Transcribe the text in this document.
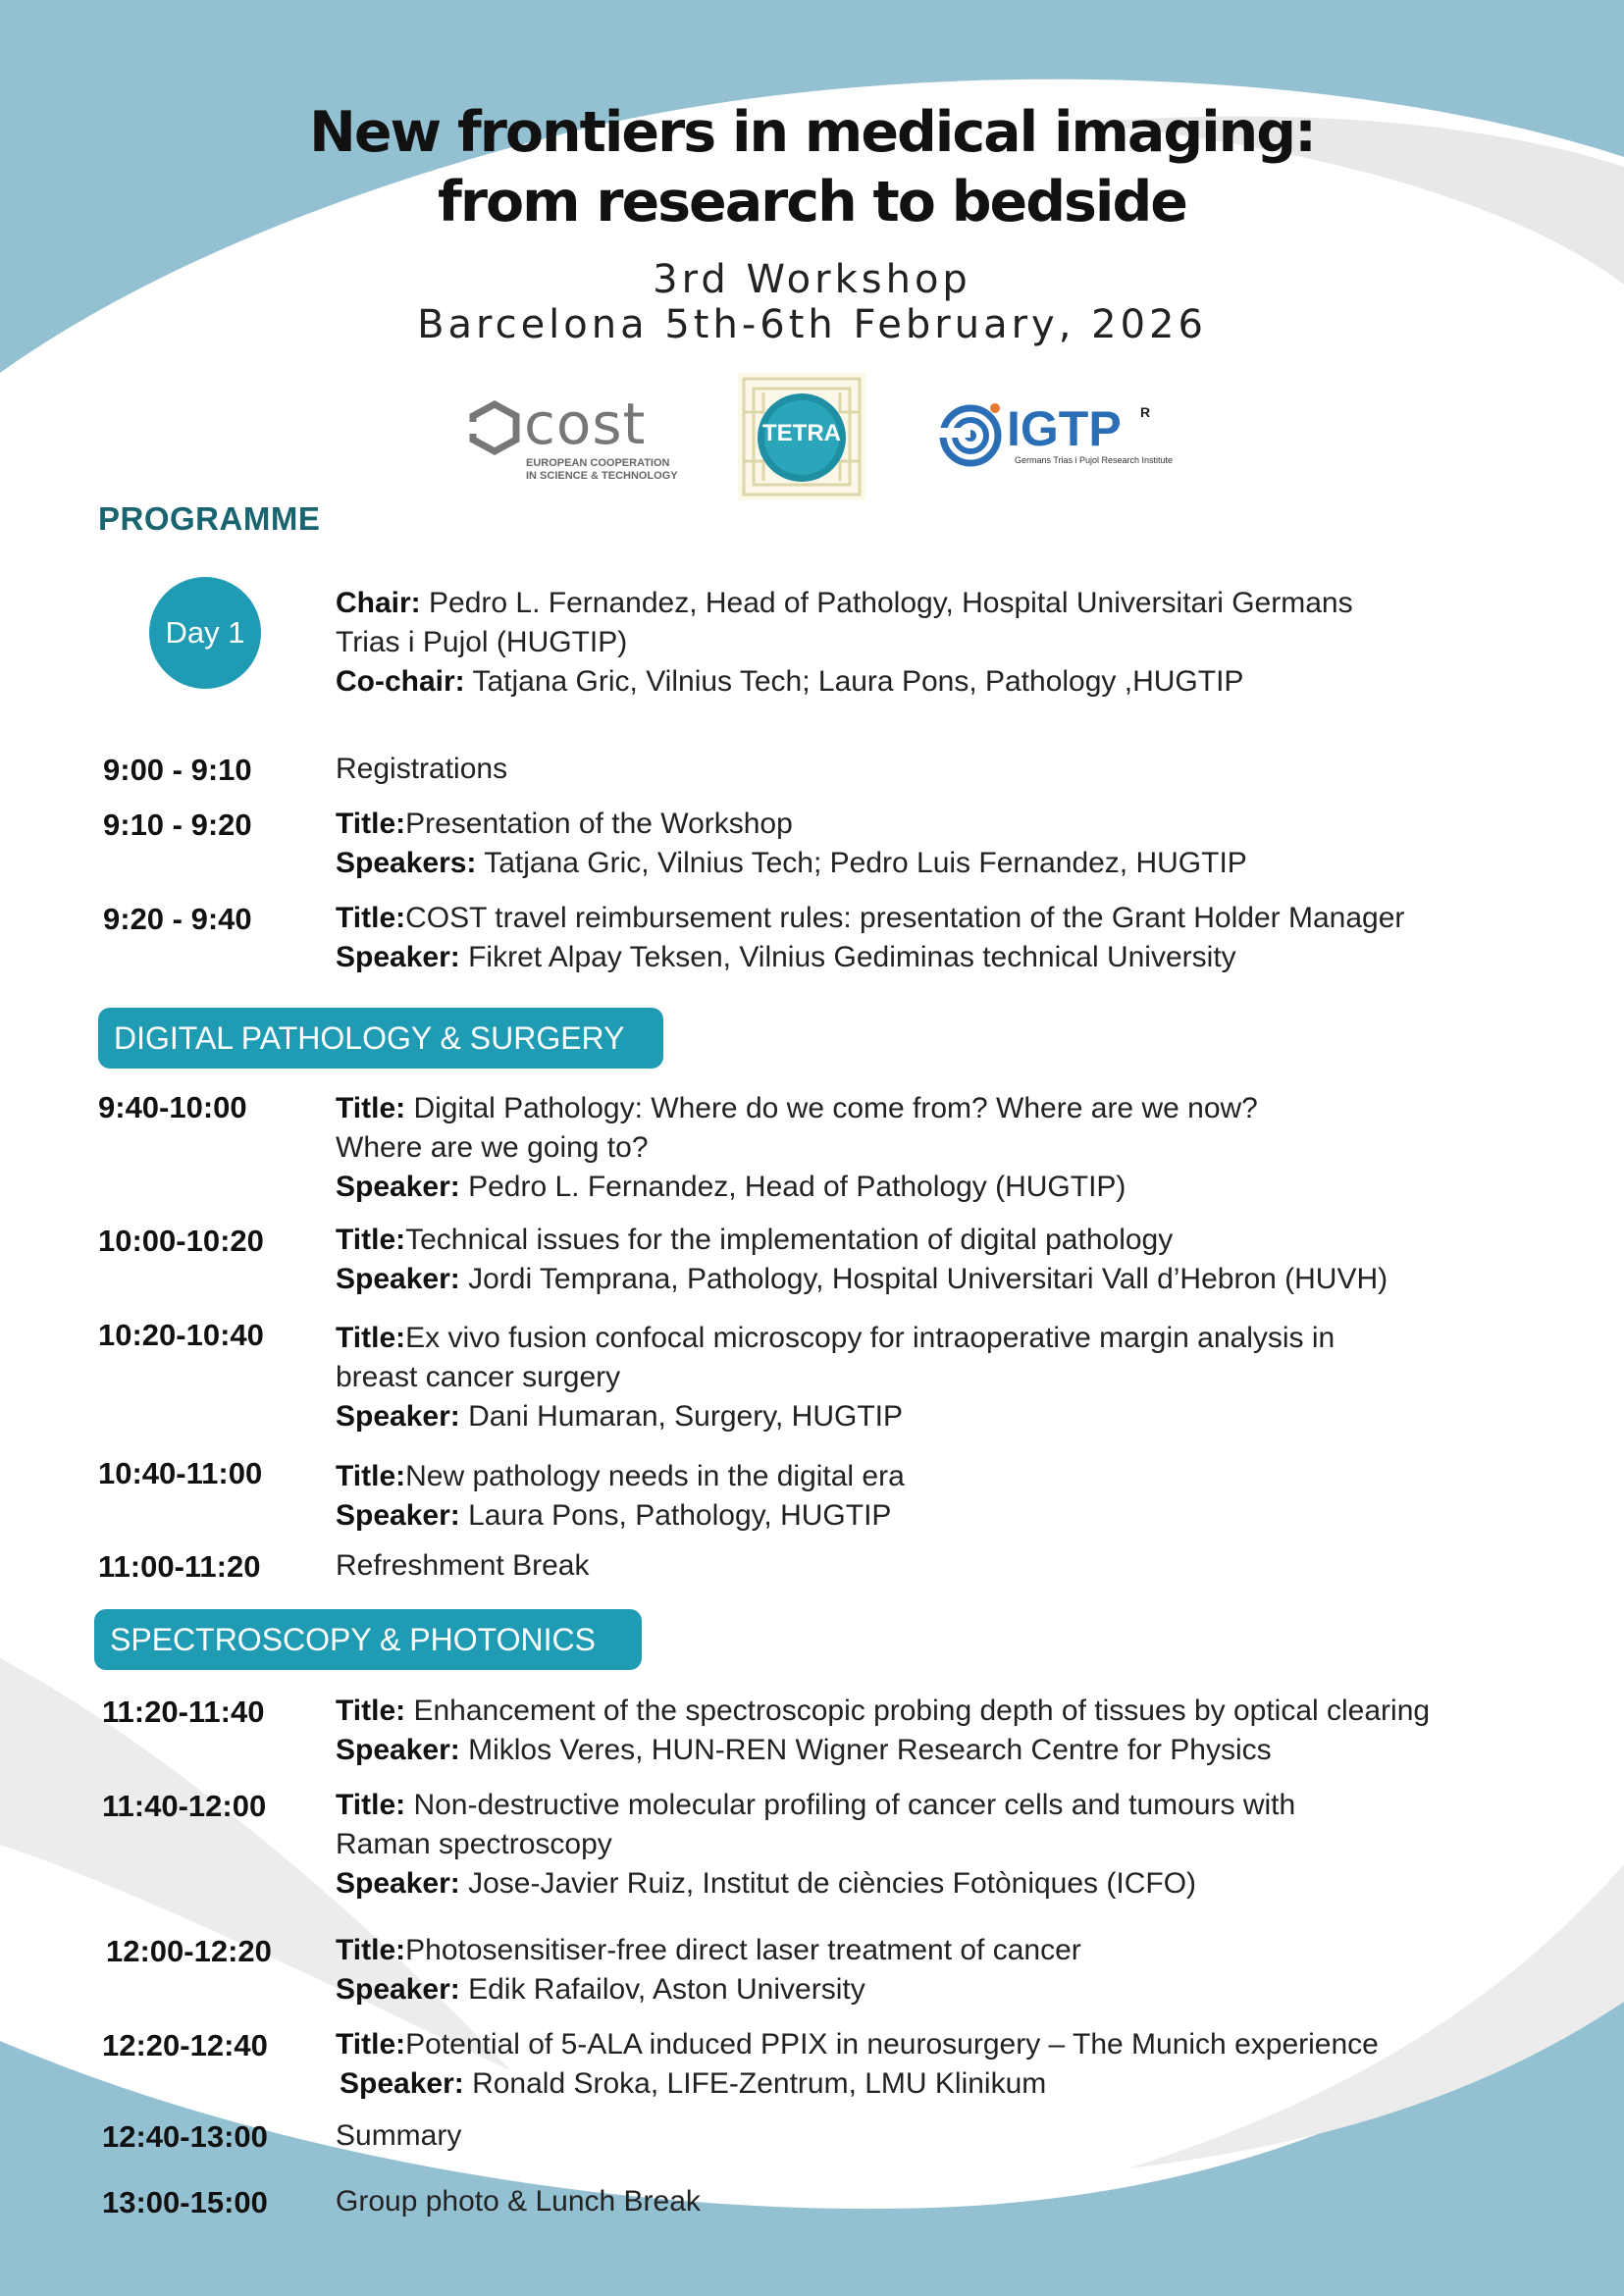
New frontiers in medical imaging:
from research to bedside
3rd Workshop
Barcelona 5th-6th February, 2026
cost
EUROPEAN COOPERATION
IN SCIENCE & TECHNOLOGY
TETRA	IGTP R
Germans Trias i Pujol Research Institute
PROGRAMME
Day 1
Chair: Pedro L. Fernandez, Head of Pathology, Hospital Universitari Germans
Trias i Pujol (HUGTIP)
Co-chair: Tatjana Gric, Vilnius Tech; Laura Pons, Pathology ,HUGTIP
9:00 - 9:10	Registrations
9:10 - 9:20	Title:Presentation of the Workshop
Speakers: Tatjana Gric, Vilnius Tech; Pedro Luis Fernandez, HUGTIP
9:20 - 9:40	Title:COST travel reimbursement rules: presentation of the Grant Holder Manager
Speaker: Fikret Alpay Teksen, Vilnius Gediminas technical University
DIGITAL PATHOLOGY & SURGERY
9:40-10:00	Title: Digital Pathology: Where do we come from? Where are we now?
Where are we going to?
Speaker: Pedro L. Fernandez, Head of Pathology (HUGTIP)
10:00-10:20 Title:Technical issues for the implementation of digital pathology
Speaker: Jordi Temprana, Pathology, Hospital Universitari Vall d’Hebron (HUVH)
10:20-10:40 Title:Ex vivo fusion confocal microscopy for intraoperative margin analysis in
breast cancer surgery
Speaker: Dani Humaran, Surgery, HUGTIP
10:40-11:00 Title:New pathology needs in the digital era
Speaker: Laura Pons, Pathology, HUGTIP
11:00-11:20	Refreshment Break
SPECTROSCOPY & PHOTONICS
11:20-11:40 Title: Enhancement of the spectroscopic probing depth of tissues by optical clearing
Speaker: Miklos Veres, HUN-REN Wigner Research Centre for Physics
11:40-12:00 Title: Non-destructive molecular profiling of cancer cells and tumours with
Raman spectroscopy
Speaker: Jose-Javier Ruiz, Institut de ciències Fotòniques (ICFO)
12:00-12:20 Title:Photosensitiser-free direct laser treatment of cancer
Speaker: Edik Rafailov, Aston University
12:20-12:40 Title:Potential of 5-ALA induced PPIX in neurosurgery – The Munich experience
Speaker: Ronald Sroka, LIFE-Zentrum, LMU Klinikum
12:40-13:00 Summary
13:00-15:00 Group photo & Lunch Break
